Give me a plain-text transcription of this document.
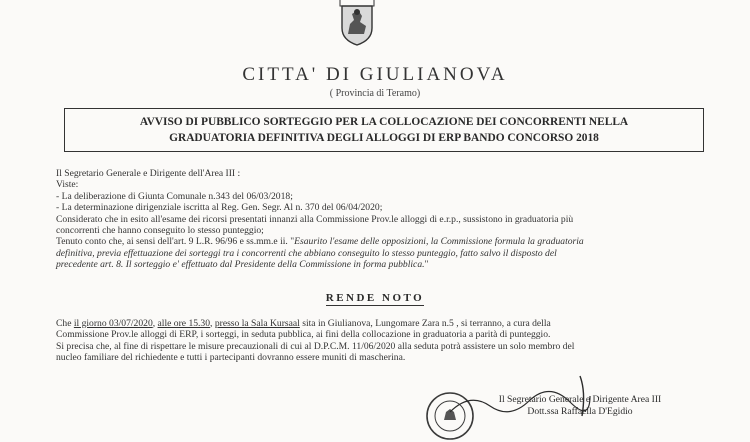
CITTA' DI GIULIANOVA
( Provincia di Teramo)
AVVISO DI PUBBLICO SORTEGGIO PER LA COLLOCAZIONE DEI CONCORRENTI NELLA
GRADUATORIA DEFINITIVA DEGLI ALLOGGI DI ERP BANDO CONCORSO 2018

Il Segretario Generale e Dirigente dell'Area III :

Viste:

- La deliberazione di Giunta Comunale n.343 del 06/03/2018;

- La determinazione dirigenziale iscritta al Reg. Gen. Segr. Al n. 370 del 06/04/2020;

Considerato che in esito all'esame dei ricorsi presentati innanzi alla Commissione Prov.le alloggi di e.r.p., sussistono in graduatoria più

concorrenti che hanno conseguito lo stesso punteggio;

Tenuto conto che, ai sensi dell'art. 9 L.R. 96/96 e ss.mm.e ii. "Esaurito l'esame delle opposizioni, la Commissione formula la graduatoria

definitiva, previa effettuazione dei sorteggi tra i concorrenti che abbiano conseguito lo stesso punteggio, fatto salvo il disposto del

precedente art. 8. Il sorteggio e' effettuato dal Presidente della Commissione in forma pubblica."

RENDE NOTO

Che il giorno 03/07/2020, alle ore 15.30, presso la Sala Kursaal sita in Giulianova, Lungomare Zara n.5 , si terranno, a cura della

Commissione Prov.le alloggi di ERP, i sorteggi, in seduta pubblica, ai fini della collocazione in graduatoria a parità di punteggio.

Si precisa che, al fine di rispettare le misure precauzionali di cui al D.P.C.M. 11/06/2020 alla seduta potrà assistere un solo membro del

nucleo familiare del richiedente e tutti i partecipanti dovranno essere muniti di mascherina.

Il Segretario Generale e Dirigente Area III
Dott.ssa Raffaella D'Egidio
